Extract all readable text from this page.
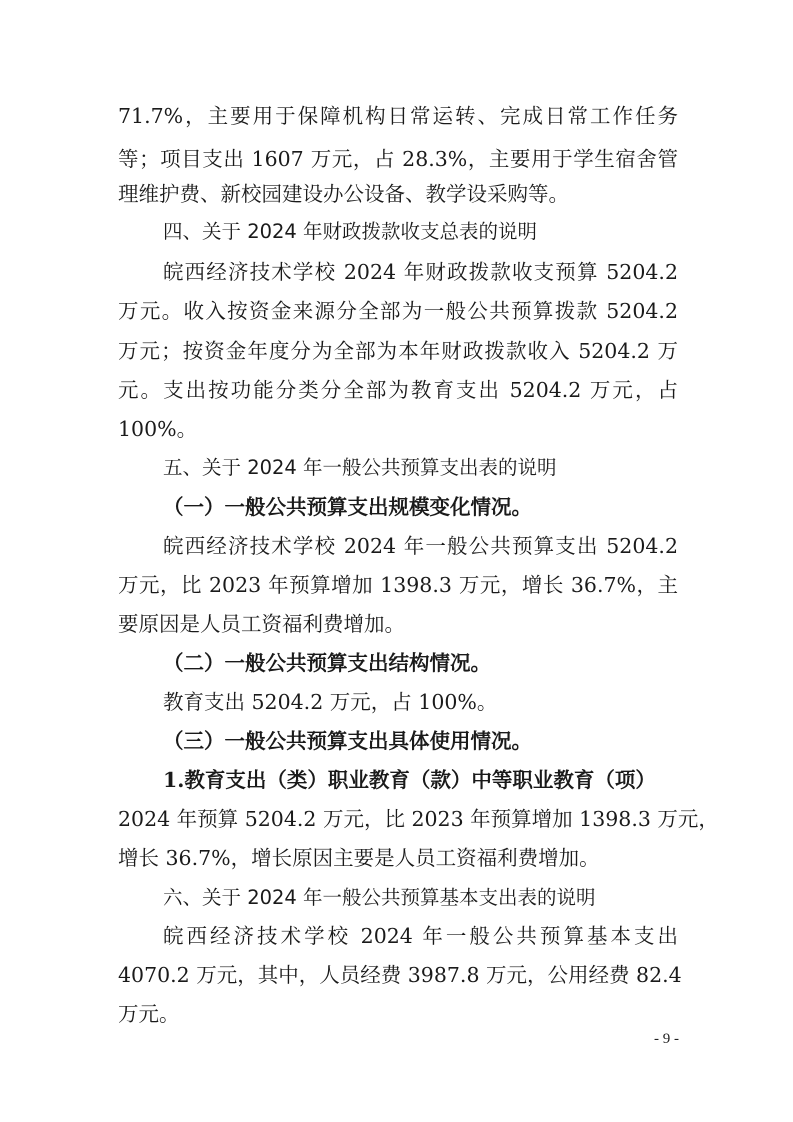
71.7%，主要用于保障机构日常运转、完成日常工作任务
等；项目支出 1607 万元，占 28.3%，主要用于学生宿舍管
理维护费、新校园建设办公设备、教学设采购等。
四、关于 2024 年财政拨款收支总表的说明
皖西经济技术学校 2024 年财政拨款收支预算 5204.2
万元。收入按资金来源分全部为一般公共预算拨款 5204.2
万元；按资金年度分为全部为本年财政拨款收入 5204.2 万
元。支出按功能分类分全部为教育支出 5204.2 万元，占
100%。
五、关于 2024 年一般公共预算支出表的说明
（一）一般公共预算支出规模变化情况。
皖西经济技术学校 2024 年一般公共预算支出 5204.2
万元，比 2023 年预算增加 1398.3 万元，增长 36.7%，主
要原因是人员工资福利费增加。
（二）一般公共预算支出结构情况。
教育支出 5204.2 万元，占 100%。
（三）一般公共预算支出具体使用情况。
1.教育支出（类）职业教育（款）中等职业教育（项）
2024 年预算 5204.2 万元，比 2023 年预算增加 1398.3 万元，
增长 36.7%，增长原因主要是人员工资福利费增加。
六、关于 2024 年一般公共预算基本支出表的说明
皖西经济技术学校 2024 年一般公共预算基本支出
4070.2 万元，其中，人员经费 3987.8 万元，公用经费 82.4
万元。
- 9 -
